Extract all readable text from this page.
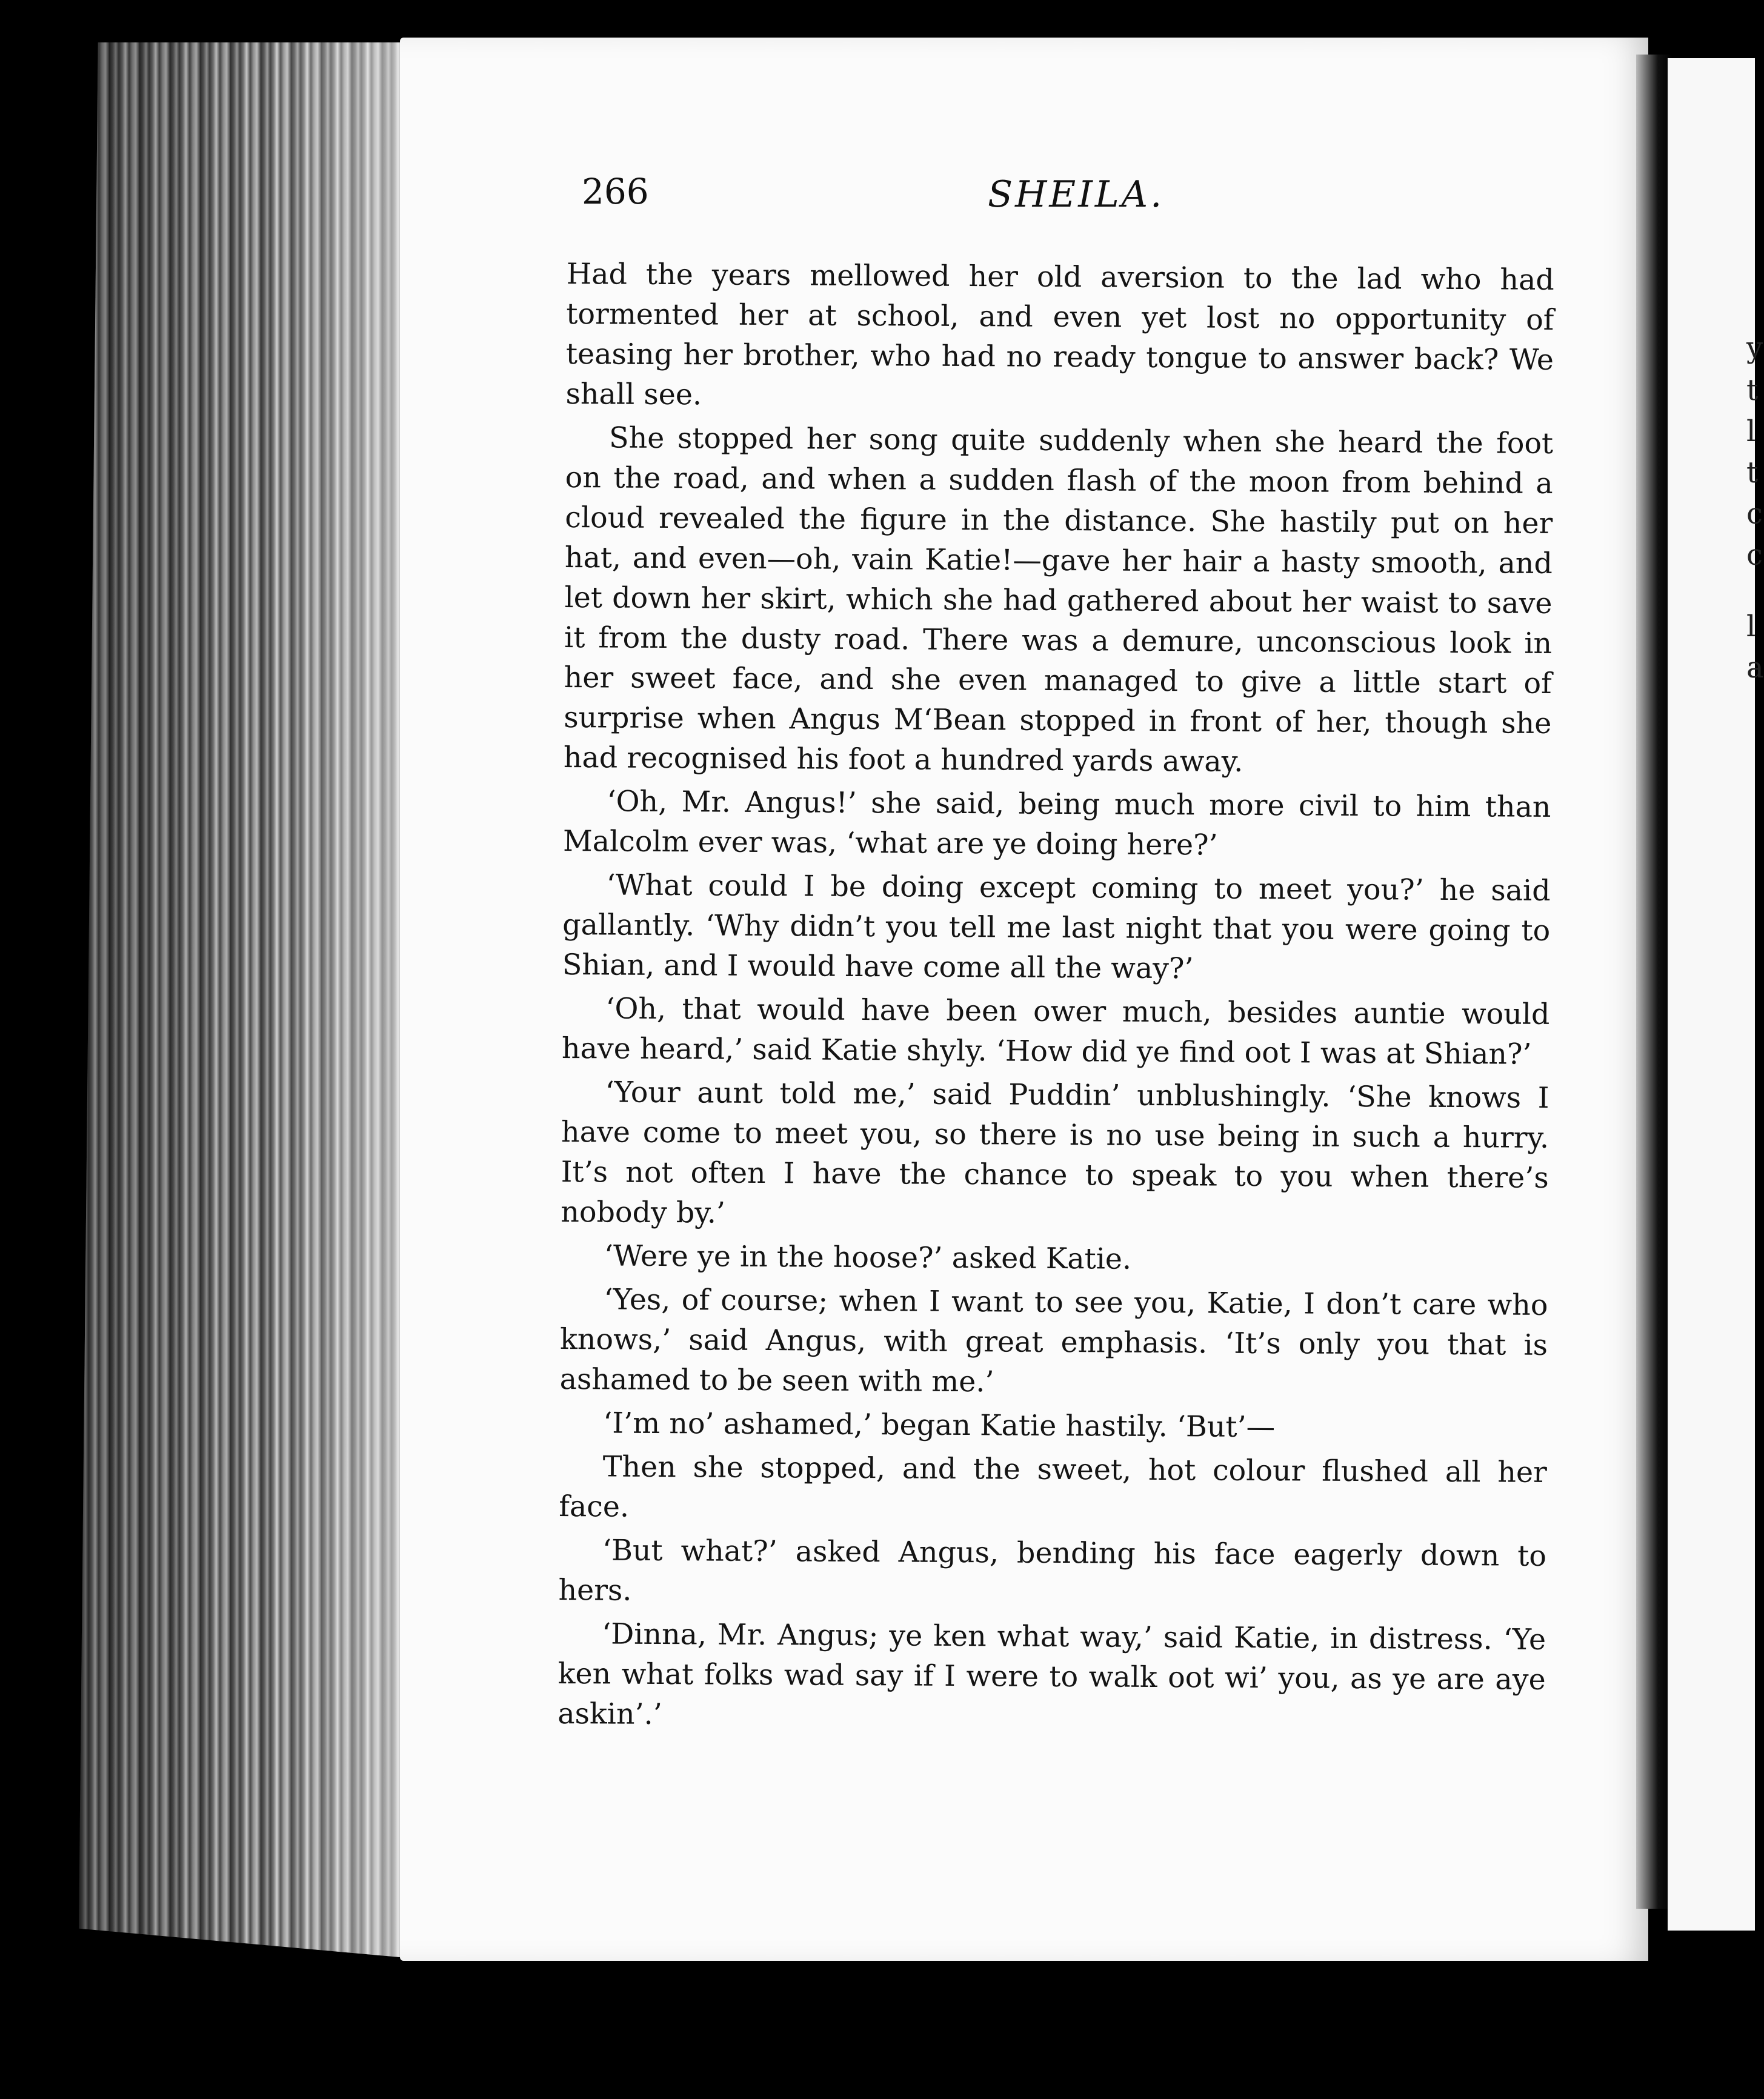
y
t
l
t
c
c
l
a
266	SHEILA.

Had the years mellowed her old aversion to the lad who had tormented her at school, and even yet lost no opportunity of teasing her brother, who had no ready tongue to answer back? We shall see.

She stopped her song quite suddenly when she heard the foot on the road, and when a sudden flash of the moon from behind a cloud revealed the figure in the distance. She hastily put on her hat, and even—oh, vain Katie!—gave her hair a hasty smooth, and let down her skirt, which she had gathered about her waist to save it from the dusty road. There was a demure, unconscious look in her sweet face, and she even managed to give a little start of surprise when Angus M‘Bean stopped in front of her, though she had recognised his foot a hundred yards away.

‘Oh, Mr. Angus!’ she said, being much more civil to him than Malcolm ever was, ‘what are ye doing here?’

‘What could I be doing except coming to meet you?’ he said gallantly. ‘Why didn’t you tell me last night that you were going to Shian, and I would have come all the way?’

‘Oh, that would have been ower much, besides auntie would have heard,’ said Katie shyly. ‘How did ye find oot I was at Shian?’

‘Your aunt told me,’ said Puddin’ unblushingly. ‘She knows I have come to meet you, so there is no use being in such a hurry. It’s not often I have the chance to speak to you when there’s nobody by.’

‘Were ye in the hoose?’ asked Katie.

‘Yes, of course; when I want to see you, Katie, I don’t care who knows,’ said Angus, with great emphasis. ‘It’s only you that is ashamed to be seen with me.’

‘I’m no’ ashamed,’ began Katie hastily. ‘But’—

Then she stopped, and the sweet, hot colour flushed all her face.

‘But what?’ asked Angus, bending his face eagerly down to hers.

‘Dinna, Mr. Angus; ye ken what way,’ said Katie, in distress. ‘Ye ken what folks wad say if I were to walk oot wi’ you, as ye are aye askin’.’
